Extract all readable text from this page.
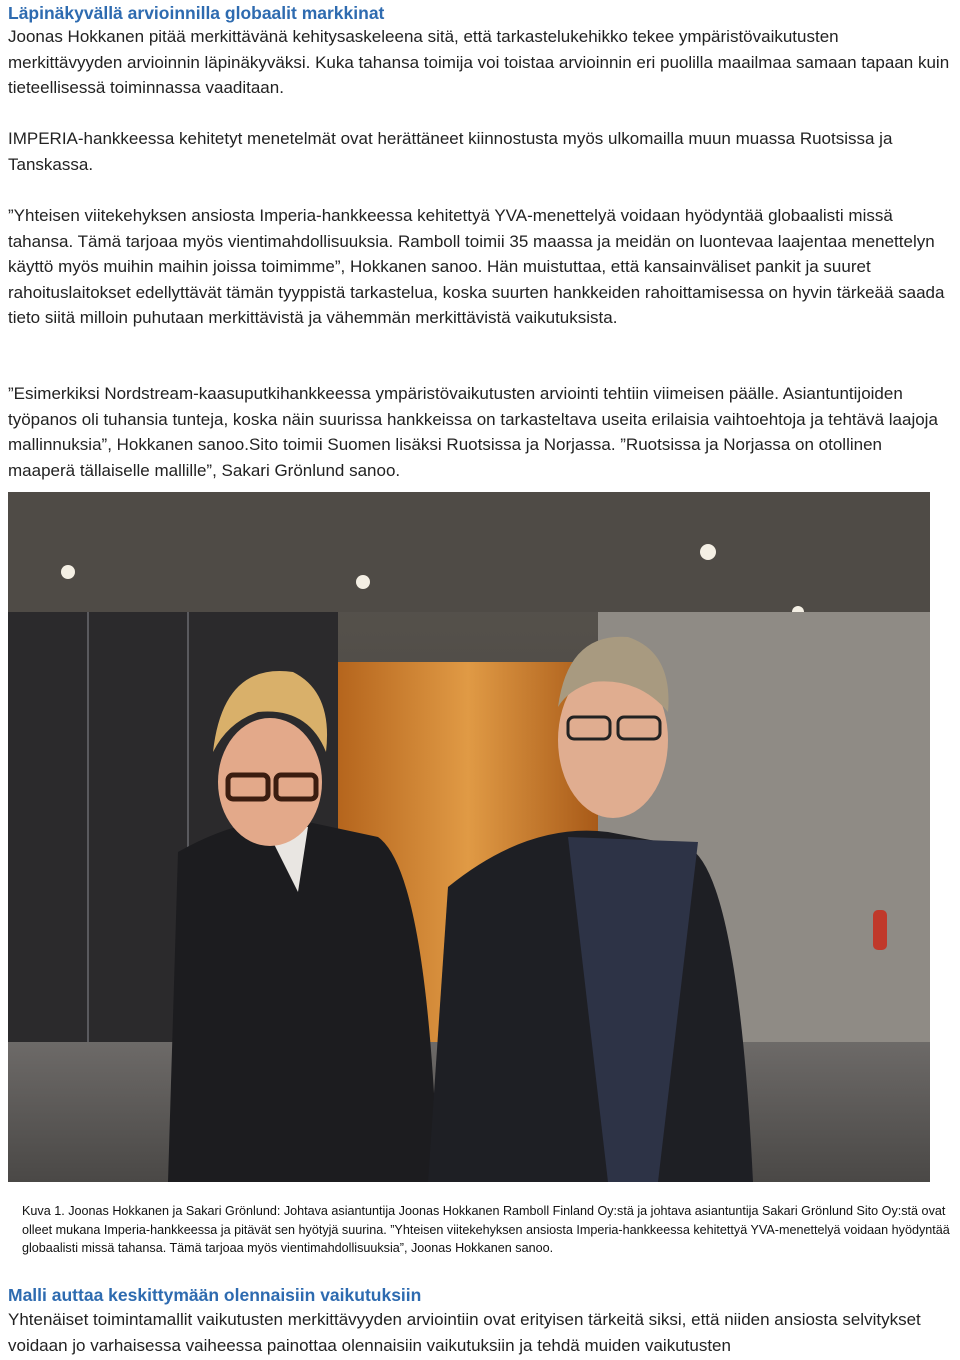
Läpinäkyvällä arvioinnilla globaalit markkinat

Joonas Hokkanen pitää merkittävänä kehitysaskeleena sitä, että tarkastelukehikko tekee ympäristövaikutusten merkittävyyden arvioinnin läpinäkyväksi. Kuka tahansa toimija voi toistaa arvioinnin eri puolilla maailmaa samaan tapaan kuin tieteellisessä toiminnassa vaaditaan.

IMPERIA-hankkeessa kehitetyt menetelmät ovat herättäneet kiinnostusta myös ulkomailla muun muassa Ruotsissa ja Tanskassa.

”Yhteisen viitekehyksen ansiosta Imperia-hankkeessa kehitettyä YVA-menettelyä voidaan hyödyntää globaalisti missä tahansa. Tämä tarjoaa myös vientimahdollisuuksia. Ramboll toimii 35 maassa ja meidän on luontevaa laajentaa menettelyn käyttö myös muihin maihin joissa toimimme”, Hokkanen sanoo. Hän muistuttaa, että kansainväliset pankit ja suuret rahoituslaitokset edellyttävät tämän tyyppistä tarkastelua, koska suurten hankkeiden rahoittamisessa on hyvin tärkeää saada tieto siitä milloin puhutaan merkittävistä ja vähemmän merkittävistä vaikutuksista.

”Esimerkiksi Nordstream-kaasuputkihankkeessa ympäristövaikutusten arviointi tehtiin viimeisen päälle. Asiantuntijoiden työpanos oli tuhansia tunteja, koska näin suurissa hankkeissa on tarkasteltava useita erilaisia vaihtoehtoja ja tehtävä laajoja mallinnuksia”, Hokkanen sanoo.Sito toimii Suomen lisäksi Ruotsissa ja Norjassa. ”Ruotsissa ja Norjassa on otollinen maaperä tällaiselle mallille”, Sakari Grönlund sanoo.

Kuva 1. Joonas Hokkanen ja Sakari Grönlund: Johtava asiantuntija Joonas Hokkanen Ramboll Finland Oy:stä ja johtava asiantuntija Sakari Grönlund Sito Oy:stä ovat olleet mukana Imperia-hankkeessa ja pitävät sen hyötyjä suurina. ”Yhteisen viitekehyksen ansiosta Imperia-hankkeessa kehitettyä YVA-menettelyä voidaan hyödyntää globaalisti missä tahansa. Tämä tarjoaa myös vientimahdollisuuksia”, Joonas Hokkanen sanoo.

Malli auttaa keskittymään olennaisiin vaikutuksiin

Yhtenäiset toimintamallit vaikutusten merkittävyyden arviointiin ovat erityisen tärkeitä siksi, että niiden ansiosta selvitykset voidaan jo varhaisessa vaiheessa painottaa olennaisiin vaikutuksiin ja tehdä muiden vaikutusten
